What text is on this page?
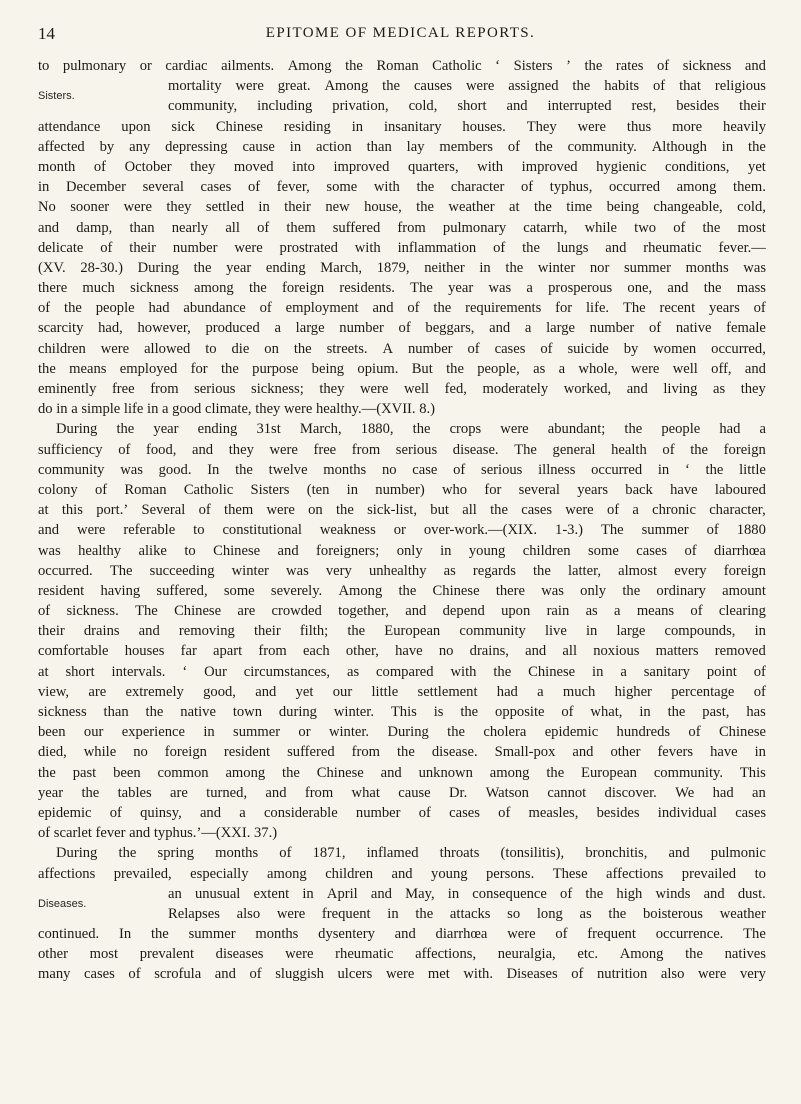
14	EPITOME OF MEDICAL REPORTS.
to pulmonary or cardiac ailments. Among the Roman Catholic ‘ Sisters ’ the rates of sickness and
Sisters.
mortality were great. Among the causes were assigned the habits of that religious
community, including privation, cold, short and interrupted rest, besides their
attendance upon sick Chinese residing in insanitary houses. They were thus more heavily
affected by any depressing cause in action than lay members of the community. Although in the
month of October they moved into improved quarters, with improved hygienic conditions, yet
in December several cases of fever, some with the character of typhus, occurred among them.
No sooner were they settled in their new house, the weather at the time being changeable, cold,
and damp, than nearly all of them suffered from pulmonary catarrh, while two of the most
delicate of their number were prostrated with inflammation of the lungs and rheumatic fever.—
(XV. 28-30.) During the year ending March, 1879, neither in the winter nor summer months was
there much sickness among the foreign residents. The year was a prosperous one, and the mass
of the people had abundance of employment and of the requirements for life. The recent years of
scarcity had, however, produced a large number of beggars, and a large number of native female
children were allowed to die on the streets. A number of cases of suicide by women occurred,
the means employed for the purpose being opium. But the people, as a whole, were well off, and
eminently free from serious sickness; they were well fed, moderately worked, and living as they
do in a simple life in a good climate, they were healthy.—(XVII. 8.)
During the year ending 31st March, 1880, the crops were abundant; the people had a
sufficiency of food, and they were free from serious disease. The general health of the foreign
community was good. In the twelve months no case of serious illness occurred in ‘ the little
colony of Roman Catholic Sisters (ten in number) who for several years back have laboured
at this port.’ Several of them were on the sick-list, but all the cases were of a chronic character,
and were referable to constitutional weakness or over-work.—(XIX. 1-3.) The summer of 1880
was healthy alike to Chinese and foreigners; only in young children some cases of diarrhœa
occurred. The succeeding winter was very unhealthy as regards the latter, almost every foreign
resident having suffered, some severely. Among the Chinese there was only the ordinary amount
of sickness. The Chinese are crowded together, and depend upon rain as a means of clearing
their drains and removing their filth; the European community live in large compounds, in
comfortable houses far apart from each other, have no drains, and all noxious matters removed
at short intervals. ‘ Our circumstances, as compared with the Chinese in a sanitary point of
view, are extremely good, and yet our little settlement had a much higher percentage of
sickness than the native town during winter. This is the opposite of what, in the past, has
been our experience in summer or winter. During the cholera epidemic hundreds of Chinese
died, while no foreign resident suffered from the disease. Small-pox and other fevers have in
the past been common among the Chinese and unknown among the European community. This
year the tables are turned, and from what cause Dr. Watson cannot discover. We had an
epidemic of quinsy, and a considerable number of cases of measles, besides individual cases
of scarlet fever and typhus.’—(XXI. 37.)
During the spring months of 1871, inflamed throats (tonsilitis), bronchitis, and pulmonic
affections prevailed, especially among children and young persons. These affections prevailed to
Diseases.
an unusual extent in April and May, in consequence of the high winds and dust.
Relapses also were frequent in the attacks so long as the boisterous weather
continued. In the summer months dysentery and diarrhœa were of frequent occurrence. The
other most prevalent diseases were rheumatic affections, neuralgia, etc. Among the natives
many cases of scrofula and of sluggish ulcers were met with. Diseases of nutrition also were very
